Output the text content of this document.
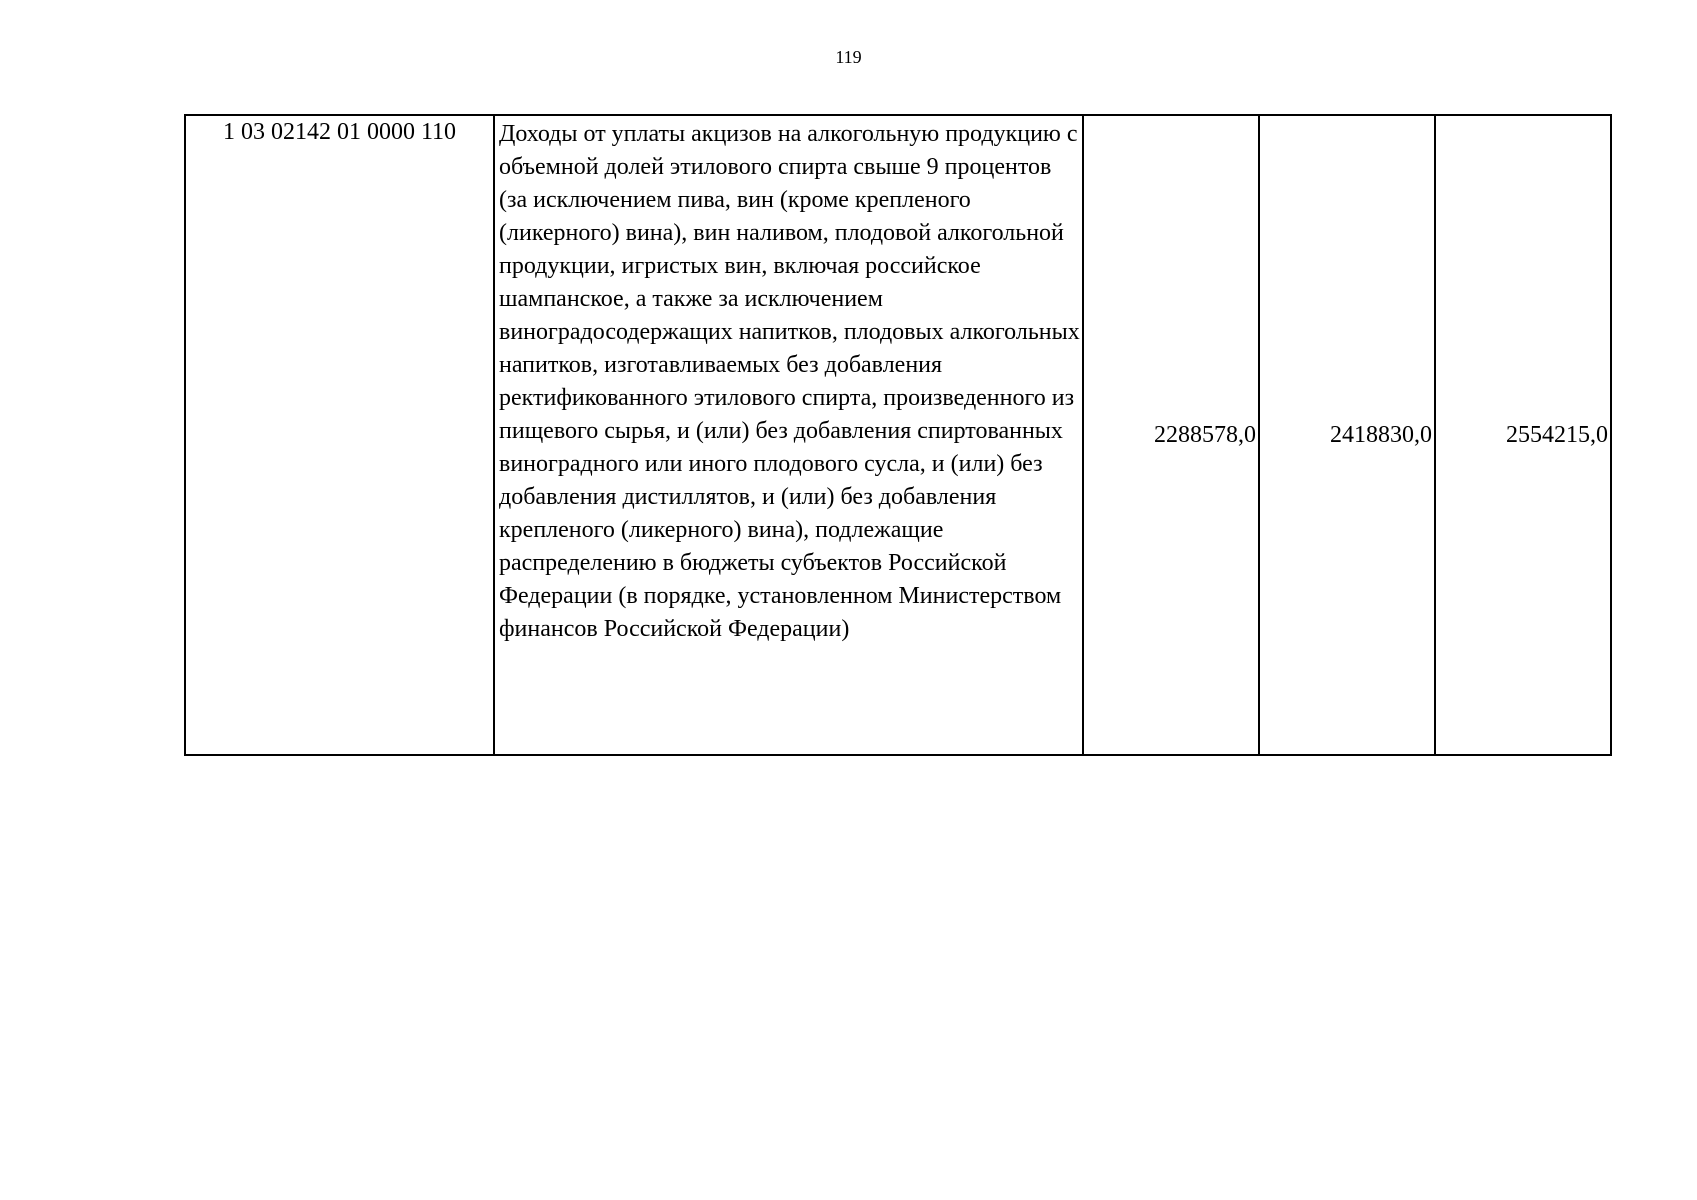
119
1 03 02142 01 0000 110	Доходы от уплаты акцизов на алкогольную продукцию с объемной долей этилового спирта свыше 9 процентов (за исключением пива, вин (кроме крепленого (ликерного) вина), вин наливом, плодовой алкогольной продукции, игристых вин, включая российское шампанское, а также за исключением виноградосодержащих напитков, плодовых алкогольных напитков, изготавливаемых без добавления ректификованного этилового спирта, произведенного из пищевого сырья, и (или) без добавления спиртованных виноградного или иного плодового сусла, и (или) без добавления дистиллятов, и (или) без добавления крепленого (ликерного) вина), подлежащие распределению в бюджеты субъектов Российской Федерации (в порядке, установленном Министерством финансов Российской Федерации)	2288578,0	2418830,0	2554215,0
